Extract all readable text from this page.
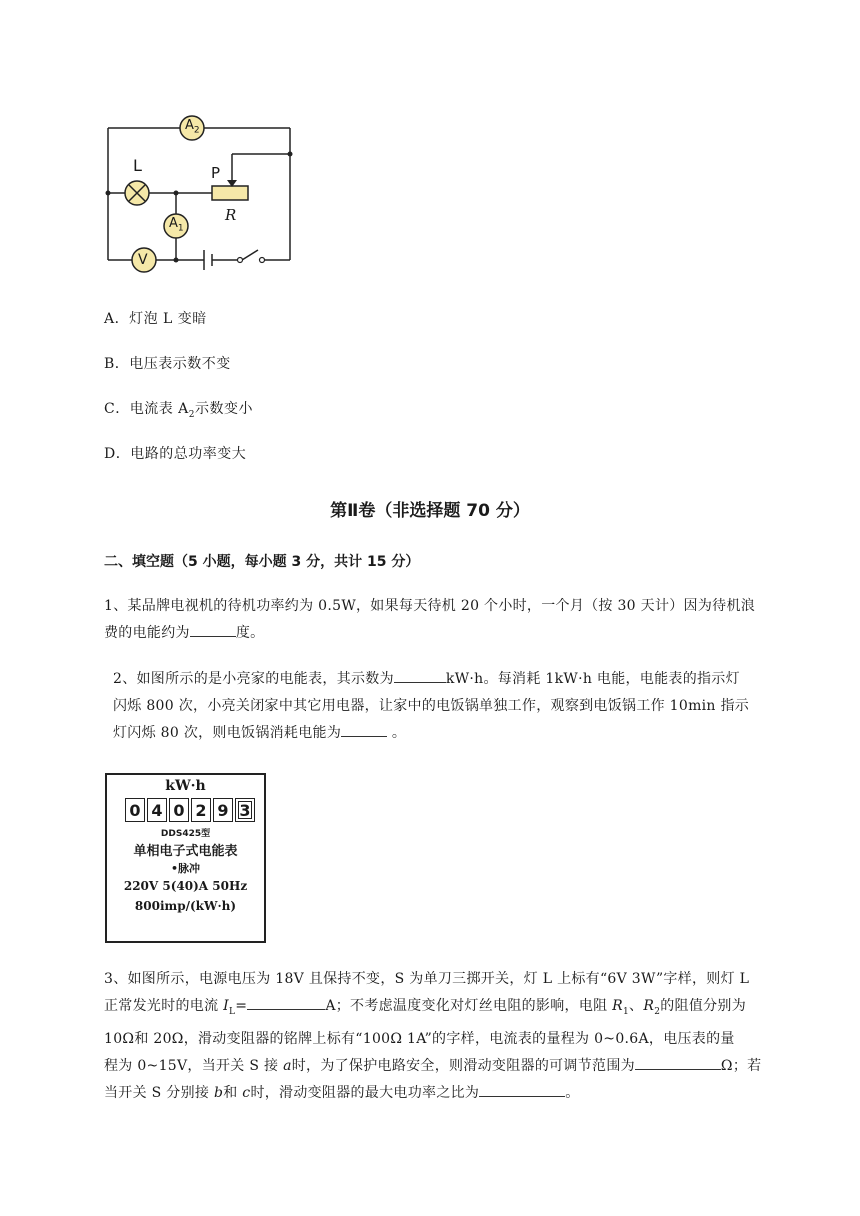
$A_2$
$A_1$
V
L	P
R
A．灯泡 L 变暗
B．电压表示数不变
C．电流表 $A_2$示数变小
D．电路的总功率变大
第Ⅱ卷（非选择题 70 分）
二、填空题（5 小题，每小题 3 分，共计 15 分）
1、某品牌电视机的待机功率约为 0.5W，如果每天待机 20 个小时，一个月（按 30 天计）因为待机浪
费的电能约为	度。
2、如图所示的是小亮家的电能表，其示数为	kW·h。每消耗 1kW·h 电能，电能表的指示灯
闪烁 800 次，小亮关闭家中其它用电器，让家中的电饭锅单独工作，观察到电饭锅工作 10min 指示
灯闪烁 80 次，则电饭锅消耗电能为	。
kW·h
0 4 0 2 9 3
DDS425型
单相电子式电能表
•脉冲
220V 5(40)A 50Hz
800imp/(kW·h)
3、如图所示，电源电压为 18V 且保持不变，S 为单刀三掷开关，灯 L 上标有“6V 3W”字样，则灯 L
正常发光时的电流 $I_L=$	A；不考虑温度变化对灯丝电阻的影响，电阻 $R_1$、$R_2$的阻值分别为
10Ω和 20Ω，滑动变阻器的铭牌上标有“100Ω 1A”的字样，电流表的量程为 0~0.6A，电压表的量
程为 0~15V，当开关 S 接 a时，为了保护电路安全，则滑动变阻器的可调节范围为	Ω；若
当开关 S 分别接 b和 c时，滑动变阻器的最大电功率之比为	。
